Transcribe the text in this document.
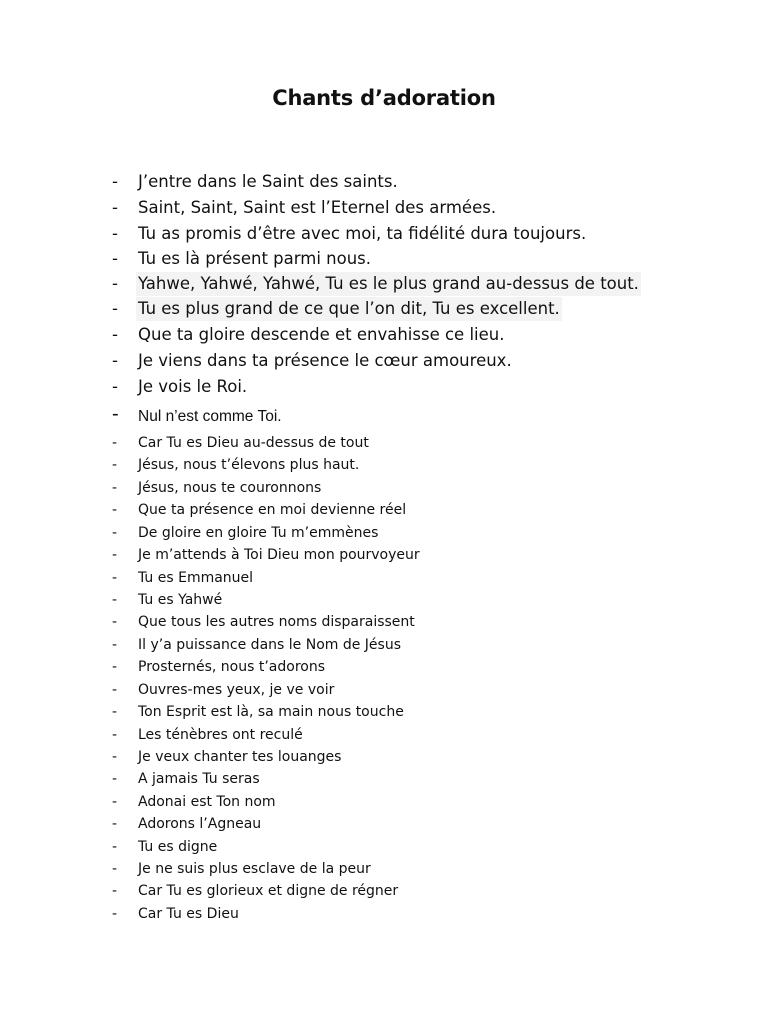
Chants d’adoration
- J’entre dans le Saint des saints.
- Saint, Saint, Saint est l’Eternel des armées.
- Tu as promis d’être avec moi, ta fidélité dura toujours.
- Tu es là présent parmi nous.
- Yahwe, Yahwé, Yahwé, Tu es le plus grand au-dessus de tout.
- Tu es plus grand de ce que l’on dit, Tu es excellent.
- Que ta gloire descende et envahisse ce lieu.
- Je viens dans ta présence le cœur amoureux.
- Je vois le Roi.
- Nul n’est comme Toi.
- Car Tu es Dieu au-dessus de tout
- Jésus, nous t’élevons plus haut.
- Jésus, nous te couronnons
- Que ta présence en moi devienne réel
- De gloire en gloire Tu m’emmènes
- Je m’attends à Toi Dieu mon pourvoyeur
- Tu es Emmanuel
- Tu es Yahwé
- Que tous les autres noms disparaissent
- Il y’a puissance dans le Nom de Jésus
- Prosternés, nous t’adorons
- Ouvres-mes yeux, je ve voir
- Ton Esprit est là, sa main nous touche
- Les ténèbres ont reculé
- Je veux chanter tes louanges
- A jamais Tu seras
- Adonai est Ton nom
- Adorons l’Agneau
- Tu es digne
- Je ne suis plus esclave de la peur
- Car Tu es glorieux et digne de régner
- Car Tu es Dieu
